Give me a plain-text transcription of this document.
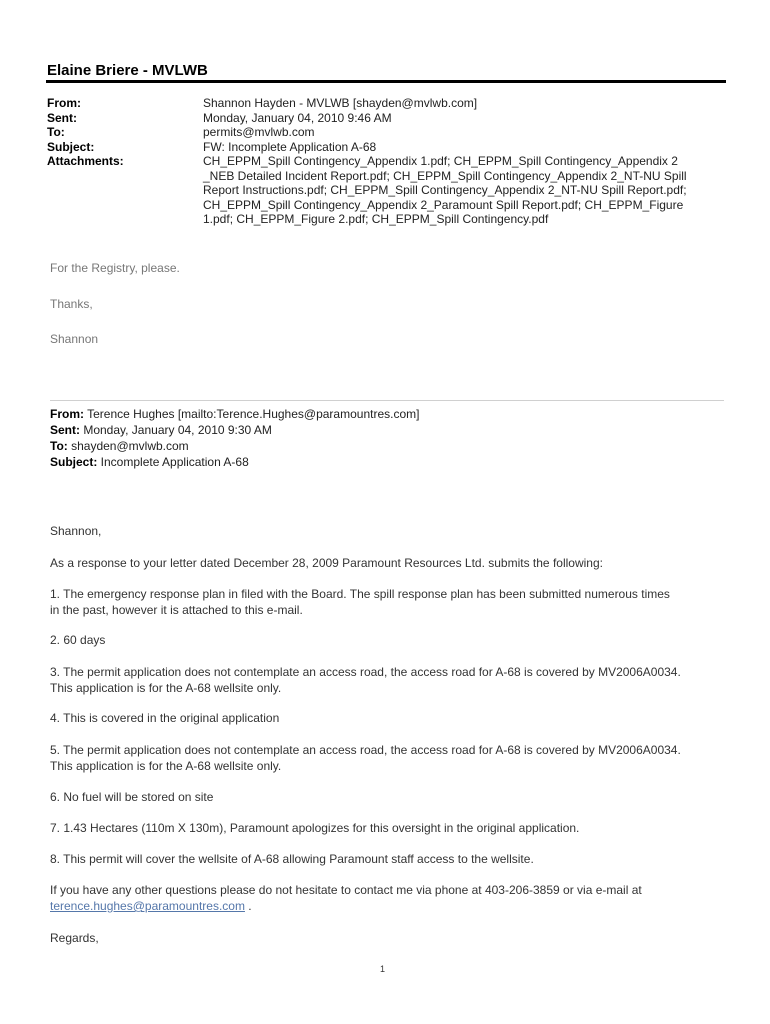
Elaine Briere - MVLWB
From:	Shannon Hayden - MVLWB [shayden@mvlwb.com]
Sent:	Monday, January 04, 2010 9:46 AM
To:	permits@mvlwb.com
Subject:	FW: Incomplete Application A-68
Attachments:	CH_EPPM_Spill Contingency_Appendix 1.pdf; CH_EPPM_Spill Contingency_Appendix 2
_NEB Detailed Incident Report.pdf; CH_EPPM_Spill Contingency_Appendix 2_NT-NU Spill
Report Instructions.pdf; CH_EPPM_Spill Contingency_Appendix 2_NT-NU Spill Report.pdf;
CH_EPPM_Spill Contingency_Appendix 2_Paramount Spill Report.pdf; CH_EPPM_Figure
1.pdf; CH_EPPM_Figure 2.pdf; CH_EPPM_Spill Contingency.pdf
For the Registry, please.
Thanks,
Shannon
From: Terence Hughes [mailto:Terence.Hughes@paramountres.com]
Sent: Monday, January 04, 2010 9:30 AM
To: shayden@mvlwb.com
Subject: Incomplete Application A-68
Shannon,
As a response to your letter dated December 28, 2009 Paramount Resources Ltd. submits the following:
1. The emergency response plan in filed with the Board. The spill response plan has been submitted numerous times
in the past, however it is attached to this e-mail.
2. 60 days
3. The permit application does not contemplate an access road, the access road for A-68 is covered by MV2006A0034.
This application is for the A-68 wellsite only.
4. This is covered in the original application
5. The permit application does not contemplate an access road, the access road for A-68 is covered by MV2006A0034.
This application is for the A-68 wellsite only.
6. No fuel will be stored on site
7. 1.43 Hectares (110m X 130m), Paramount apologizes for this oversight in the original application.
8. This permit will cover the wellsite of A-68 allowing Paramount staff access to the wellsite.
If you have any other questions please do not hesitate to contact me via phone at 403-206-3859 or via e-mail at
terence.hughes@paramountres.com .
Regards,
1
